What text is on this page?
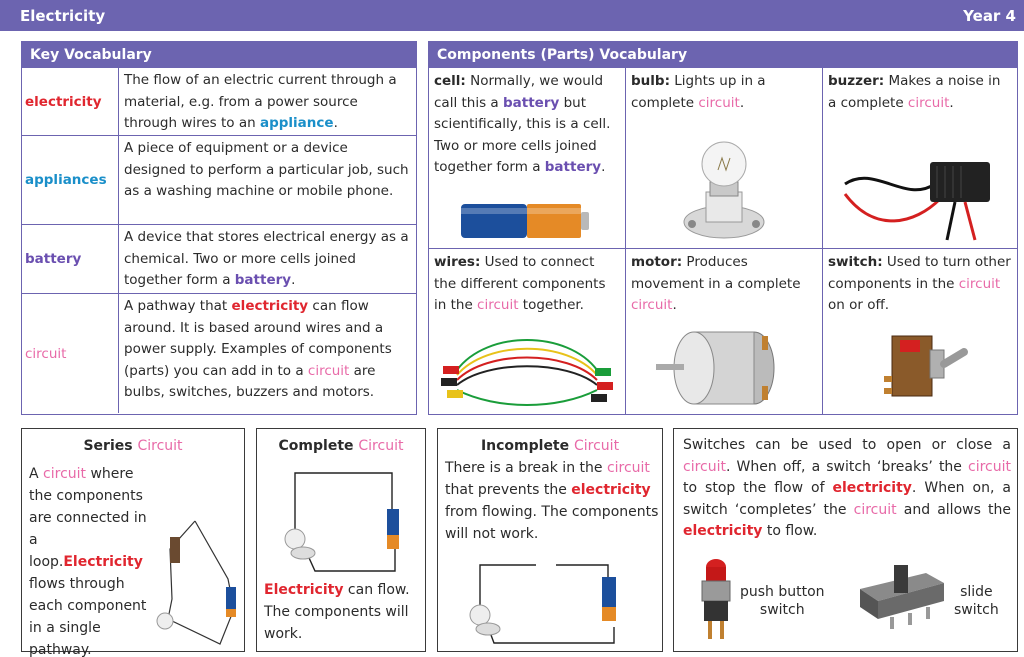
Electricity	Year 4
Key Vocabulary
electricity
The flow of an electric current through a material, e.g. from a power source through wires to an appliance.
appliances
A piece of equipment or a device designed to perform a particular job, such as a washing machine or mobile phone.
battery
A device that stores electrical energy as a chemical. Two or more cells joined together form a battery.
circuit
A pathway that electricity can flow around. It is based around wires and a power supply. Examples of components (parts) you can add in to a circuit are bulbs, switches, buzzers and motors.
Components (Parts) Vocabulary
cell: Normally, we would call this a battery but scientifically, this is a cell. Two or more cells joined together form a battery.
bulb: Lights up in a complete circuit.
buzzer: Makes a noise in a complete circuit.
wires: Used to connect the different components in the circuit together.
motor: Produces movement in a complete circuit.
switch: Used to turn other components in the circuit on or off.
Series Circuit
A circuit where the components are connected in a loop.Electricity flows through each component in a single pathway.
Complete Circuit
Electricity can flow. The components will work.
Incomplete Circuit
There is a break in the circuit that prevents the electricity from flowing. The components will not work.
Switches can be used to open or close a circuit. When off, a switch ‘breaks’ the circuit to stop the flow of electricity. When on, a switch ‘completes’ the circuit and allows the electricity to flow.
push button
switch
slide
switch
